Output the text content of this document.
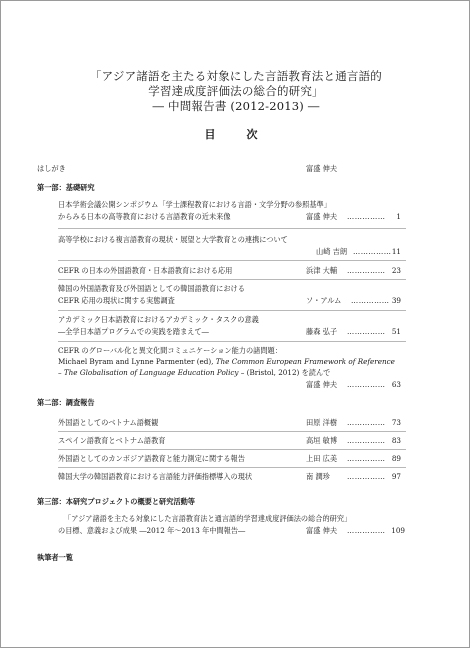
「アジア諸語を主たる対象にした言語教育法と通言語的
学習達成度評価法の総合的研究」
― 中間報告書 (2012-2013) ―
目　次
はしがき	富盛 伸夫
第一部：基礎研究
日本学術会議公開シンポジウム「学士課程教育における言語・文学分野の参照基準」
からみる日本の高等教育における言語教育の近未来像	富盛 伸夫 …………… 1
高等学校における複言語教育の現状・展望と大学教育との連携について
山崎 吉朗 …………… 11
CEFR の日本の外国語教育・日本語教育における応用	浜津 大輔 …………… 23
韓国の外国語教育及び外国語としての韓国語教育における
CEFR 応用の現状に関する実態調査	ソ・アルム …………… 39
アカデミック日本語教育におけるアカデミック・タスクの意義
―全学日本語プログラムでの実践を踏まえて―	藤森 弘子 …………… 51
CEFR のグローバル化と異文化間コミュニケーション能力の諸問題：
Michael Byram and Lynne Parmenter (ed), The Common European Framework of Reference
– The Globalisation of Language Education Policy – (Bristol, 2012) を読んで
富盛 伸夫 …………… 63
第二部：調査報告
外国語としてのベトナム語概観	田原 洋樹 …………… 73
スペイン語教育とベトナム語教育	高垣 敏博 …………… 83
外国語としてのカンボジア語教育と能力測定に関する報告	上田 広美 …………… 89
韓国大学の韓国語教育における言語能力評価指標導入の現状	南 潤珍 …………… 97
第三部：本研究プロジェクトの概要と研究活動等
「アジア諸語を主たる対象にした言語教育法と通言語的学習達成度評価法の総合的研究」
の目標、意義および成果 ―2012 年～2013 年中間報告―	富盛 伸夫 …………… 109
執筆者一覧
